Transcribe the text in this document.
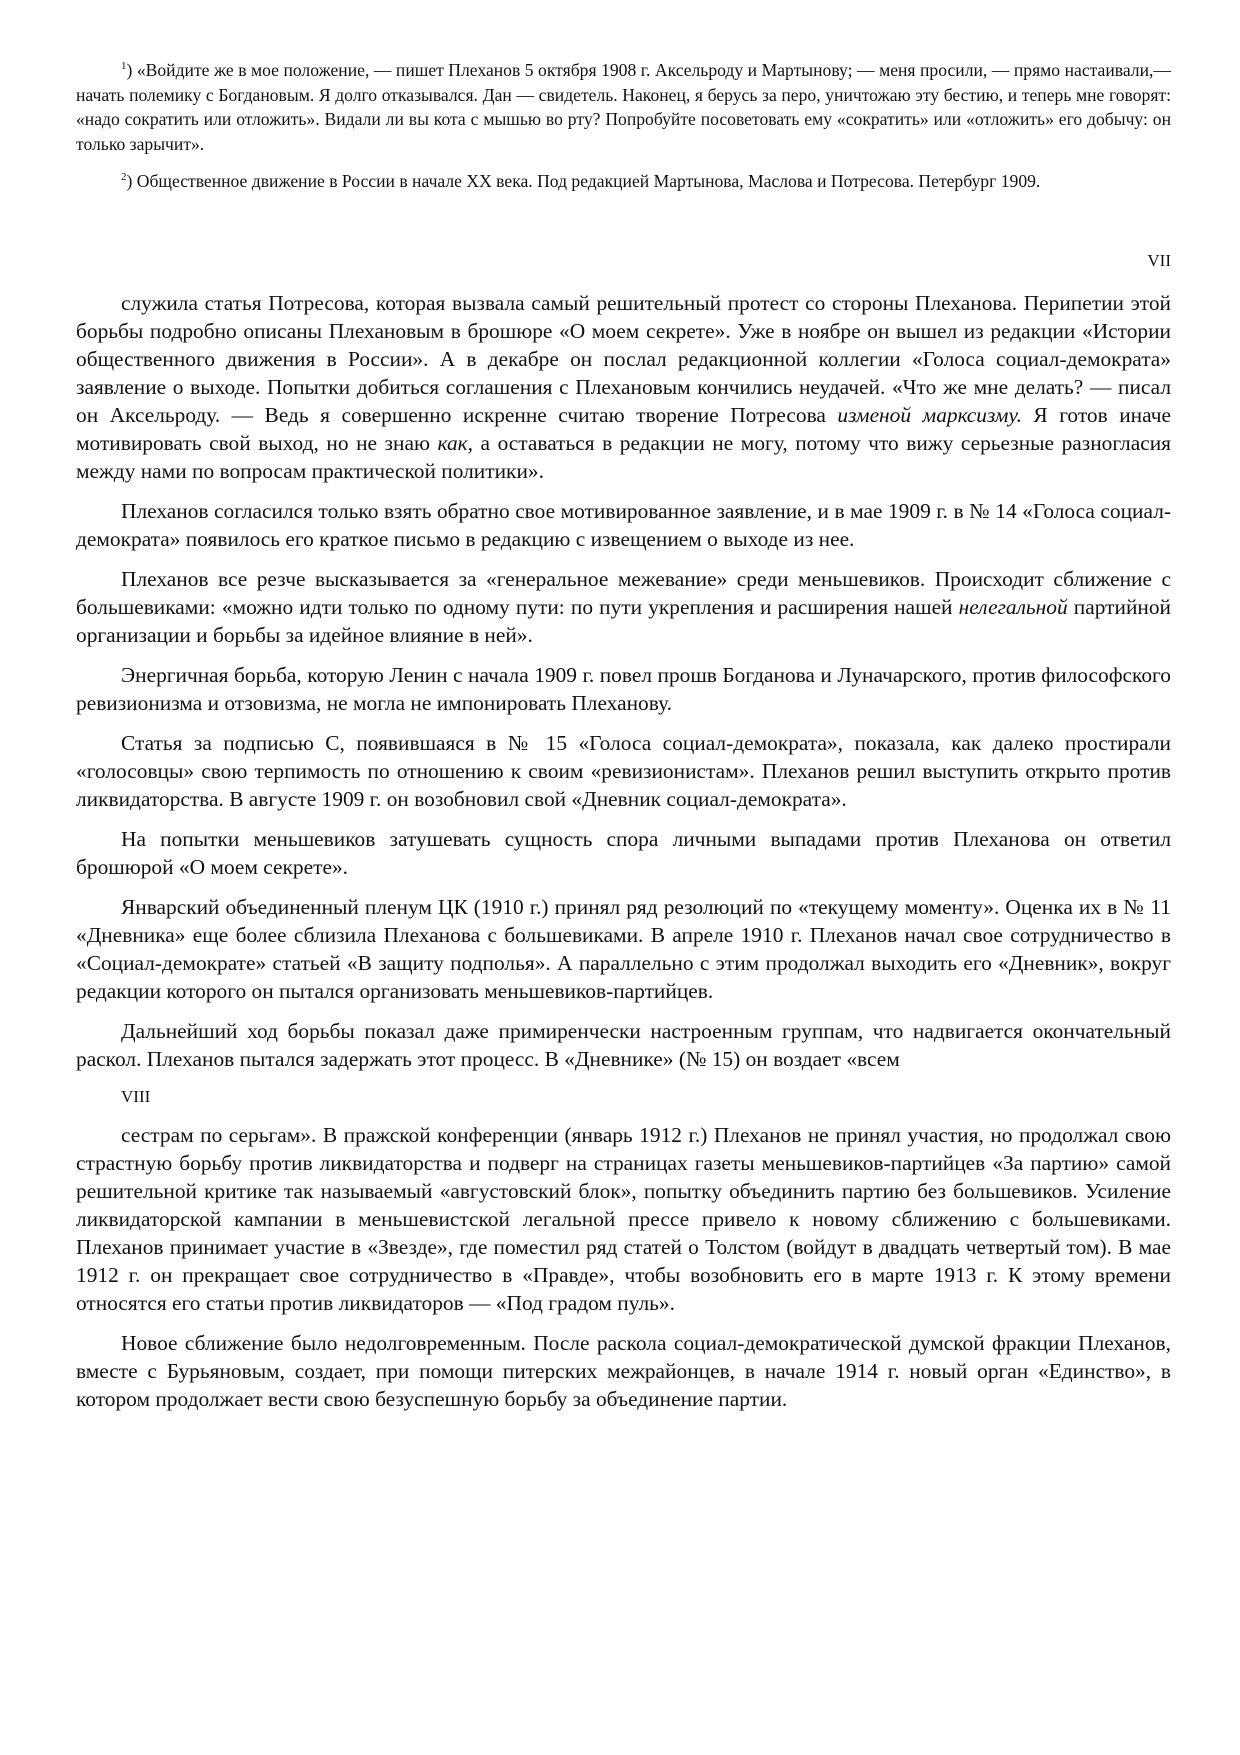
$^1$) «Войдите же в мое положение, — пишет Плеханов 5 октября 1908 г. Аксельроду и Мартынову; — меня просили, — прямо настаивали,— начать полемику с Богдановым. Я долго отказывался. Дан — свидетель. Наконец, я берусь за перо, уничтожаю эту бестию, и теперь мне говорят: «надо сократить или отложить». Видали ли вы кота с мышью во рту? Попробуйте посоветовать ему «сократить» или «отложить» его добычу: он только зарычит».

$^2$) Общественное движение в России в начале XX века. Под редакцией Мартынова, Маслова и Потресова. Петербург 1909.

VII

служила статья Потресова, которая вызвала самый решительный протест со стороны Плеханова. Перипетии этой борьбы подробно описаны Плехановым в брошюре «О моем секрете». Уже в ноябре он вышел из редакции «Истории общественного движения в России». А в декабре он послал редакционной коллегии «Голоса социал-демократа» заявление о выходе. Попытки добиться соглашения с Плехановым кончились неудачей. «Что же мне делать? — писал он Аксельроду. — Ведь я совершенно искренне считаю творение Потресова изменой марксизму. Я готов иначе мотивировать свой выход, но не знаю как, а оставаться в редакции не могу, потому что вижу серьезные разногласия между нами по вопросам практической политики».

Плеханов согласился только взять обратно свое мотивированное заявление, и в мае 1909 г. в № 14 «Голоса социал-демократа» появилось его краткое письмо в редакцию с извещением о выходе из нее.

Плеханов все резче высказывается за «генеральное межевание» среди меньшевиков. Происходит сближение с большевиками: «можно идти только по одному пути: по пути укрепления и расширения нашей нелегальной партийной организации и борьбы за идейное влияние в ней».

Энергичная борьба, которую Ленин с начала 1909 г. повел прошв Богданова и Луначарского, против философского ревизионизма и отзовизма, не могла не импонировать Плеханову.

Статья за подписью С, появившаяся в № 15 «Голоса социал-демократа», показала, как далеко простирали «голосовцы» свою терпимость по отношению к своим «ревизионистам». Плеханов решил выступить открыто против ликвидаторства. В августе 1909 г. он возобновил свой «Дневник социал-демократа».

На попытки меньшевиков затушевать сущность спора личными выпадами против Плеханова он ответил брошюрой «О моем секрете».

Январский объединенный пленум ЦК (1910 г.) принял ряд резолюций по «текущему моменту». Оценка их в № 11 «Дневника» еще более сблизила Плеханова с большевиками. В апреле 1910 г. Плеханов начал свое сотрудничество в «Социал-демократе» статьей «В защиту подполья». А параллельно с этим продолжал выходить его «Дневник», вокруг редакции которого он пытался организовать меньшевиков-партийцев.

Дальнейший ход борьбы показал даже примиренчески настроенным группам, что надвигается окончательный раскол. Плеханов пытался задержать этот процесс. В «Дневнике» (№ 15) он воздает «всем

VIII

сестрам по серьгам». В пражской конференции (январь 1912 г.) Плеханов не принял участия, но продолжал свою страстную борьбу против ликвидаторства и подверг на страницах газеты меньшевиков-партийцев «За партию» самой решительной критике так называемый «августовский блок», попытку объединить партию без большевиков. Усиление ликвидаторской кампании в меньшевистской легальной прессе привело к новому сближению с большевиками. Плеханов принимает участие в «Звезде», где поместил ряд статей о Толстом (войдут в двадцать четвертый том). В мае 1912 г. он прекращает свое сотрудничество в «Правде», чтобы возобновить его в марте 1913 г. К этому времени относятся его статьи против ликвидаторов — «Под градом пуль».

Новое сближение было недолговременным. После раскола социал-демократической думской фракции Плеханов, вместе с Бурьяновым, создает, при помощи питерских межрайонцев, в начале 1914 г. новый орган «Единство», в котором продолжает вести свою безуспешную борьбу за объединение партии.
